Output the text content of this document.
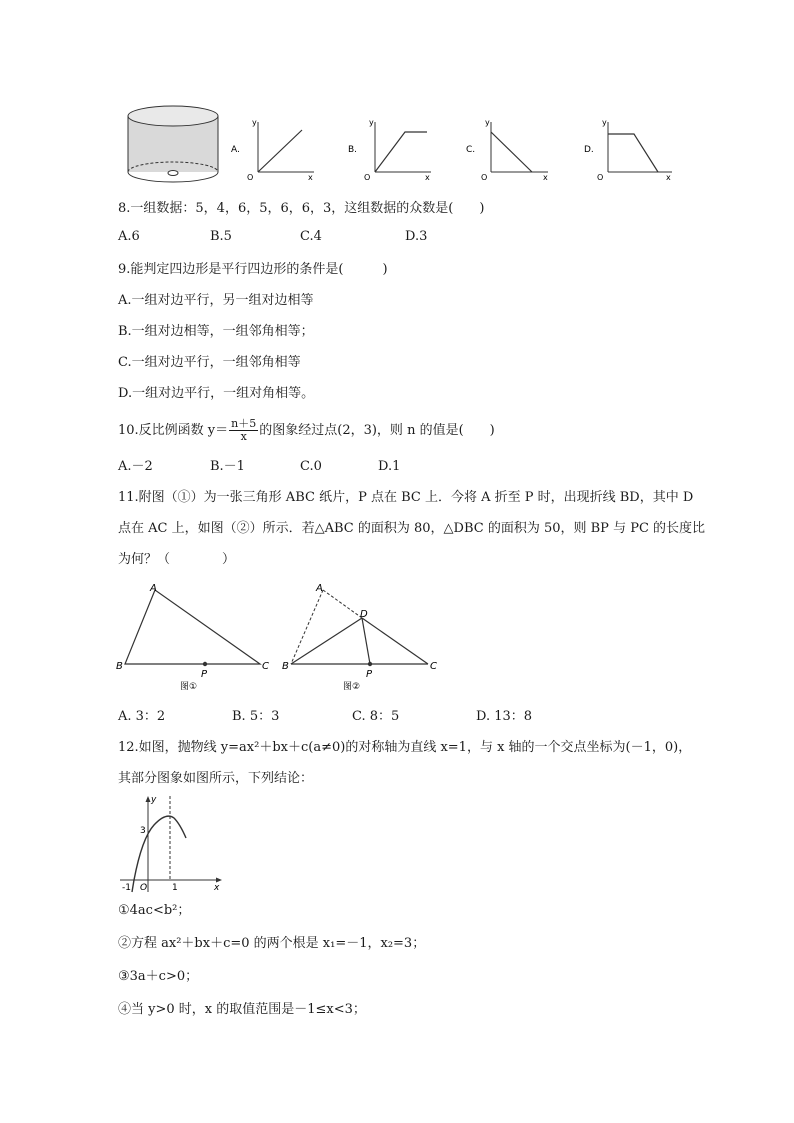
A.
y
x
O
B.
y
x
O
C.
y
x
O
D.
y
x
O
8.一组数据：5，4，6，5，6，6，3，这组数据的众数是(　　)
A.6	B.5	C.4	D.3
9.能判定四边形是平行四边形的条件是(　　　)
A.一组对边平行，另一组对边相等
B.一组对边相等，一组邻角相等；
C.一组对边平行，一组邻角相等
D.一组对边平行，一组对角相等。
10.反比例函数 $y= \frac{n+5}{x}$ 的图象经过点(2，3)，则 n 的值是(　　)
A.－2	B.－1	C.0	D.1
11.附图（①）为一张三角形 ABC 纸片，P 点在 BC 上．今将 A 折至 P 时，出现折线 BD，其中 D
点在 AC 上，如图（②）所示．若△ABC 的面积为 80，△DBC 的面积为 50，则 BP 与 PC 的长度比
为何？（　　　　）
A
B	C
P
图①
A
D
B	C
P
图②
A. 3：2	B. 5：3	C. 8：5	D. 13：8
12.如图，抛物线 y=ax²＋bx＋c(a≠0)的对称轴为直线 x=1，与 x 轴的一个交点坐标为(－1，0)，
其部分图象如图所示，下列结论：
y
x
O
-1	1
3
①4ac<b²；
②方程 ax²＋bx＋c=0 的两个根是 x₁=－1，x₂=3；
③3a＋c>0；
④当 y>0 时，x 的取值范围是－1≤x<3；
